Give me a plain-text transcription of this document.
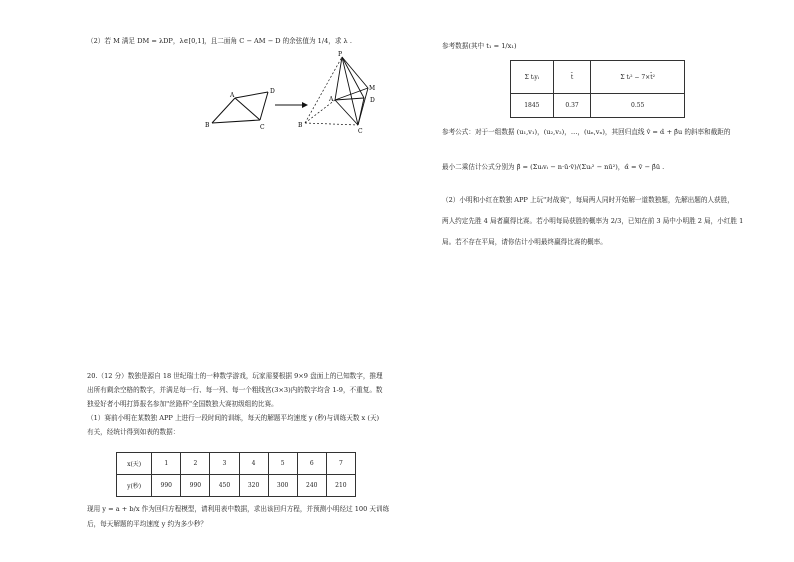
（2）若 M 满足 DM = λDP，λ∈[0,1]，且二面角 C − AM − D 的余弦值为 1/4，求 λ .
A
D
B	C
P
M
A	D
B
C
20.（12 分）数独是源自 18 世纪瑞士的一种数学游戏，玩家需要根据 9×9 盘面上的已知数字，推理
出所有剩余空格的数字，并满足每一行、每一列、每一个粗线宫(3×3)内的数字均含 1-9，不重复。数
独爱好者小明打算报名参加"丝路杯"全国数独大赛初级组的比赛。
（1）赛前小明在某数独 APP 上进行一段时间的训练，每天的解题平均速度 y (秒)与训练天数 x (天)
有关，经统计得到如表的数据：
x(天)	1	2	3	4	5	6	7
y(秒)	990	990	450	320	300	240	210
现用 y = a + b/x 作为回归方程模型，请利用表中数据，求出该回归方程，并预测小明经过 100 天训练
后，每天解题的平均速度 y 约为多少秒？
参考数据(其中 t₁ = 1/x₁)
Σ tᵢyᵢ	t̄	Σ tᵢ² − 7×t̄²
1845	0.37	0.55
参考公式：对于一组数据 (u₁,v₁)，(u₂,v₂)，…，(uₙ,vₙ)，其回归直线 v̂ = α̂ + β̂u 的斜率和截距的
最小二乘估计公式分别为 β̂ = (Σuᵢvᵢ − n·ū·v̄)/(Σuᵢ² − nū²)，α̂ = v̄ − β̂ū .
（2）小明和小红在数独 APP 上玩"对战赛"，每局两人同时开始解一道数独题，先解出题的人获胜，
两人约定先胜 4 局者赢得比赛。若小明每局获胜的概率为 2/3，已知在前 3 局中小明胜 2 局，小红胜 1
局。若不存在平局，请你估计小明最终赢得比赛的概率。
